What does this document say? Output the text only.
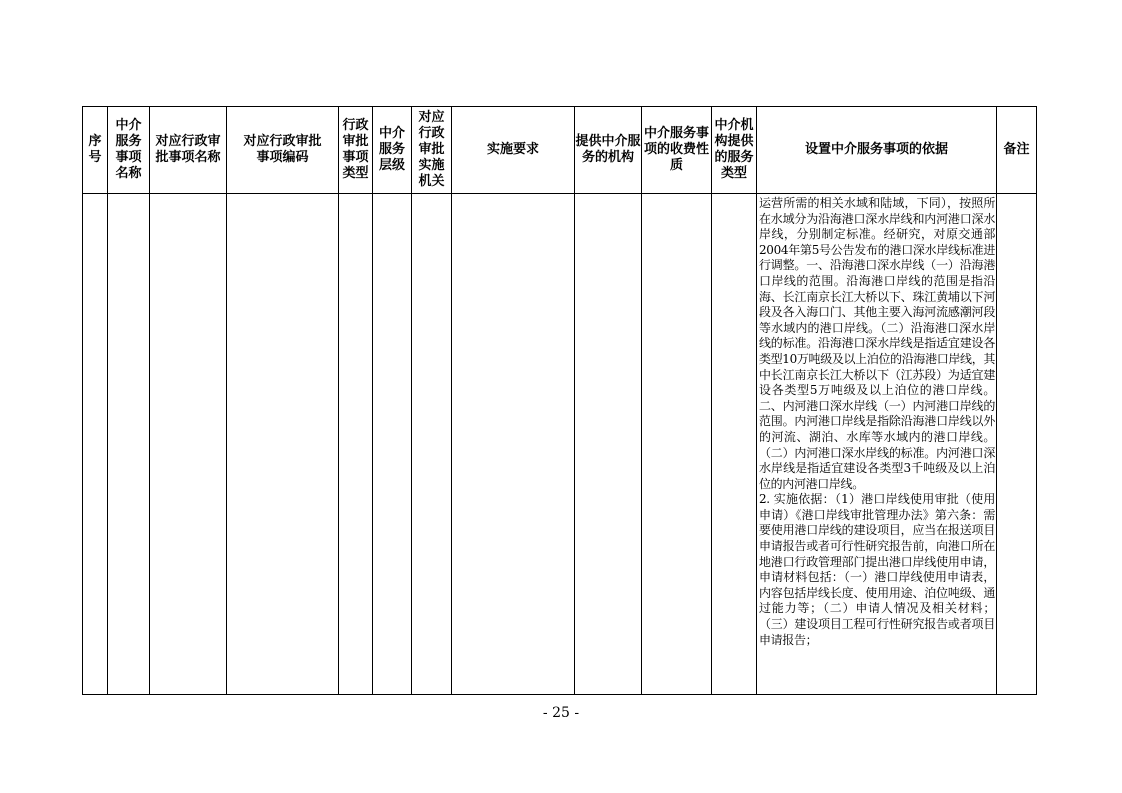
序
号	中介
服务
事项
名称	对应行政审
批事项名称	对应行政审批
事项编码	行政
审批
事项
类型	中介
服务
层级	对应
行政
审批
实施
机关	实施要求	提供中介服
务的机构	中介服务事
项的收费性
质	中介机
构提供
的服务
类型	设置中介服务事项的依据	备注

											运营所需的相关水域和陆域，下同），按照所在水域分为沿海港口深水岸线和内河港口深水岸线，分别制定标准。经研究，对原交通部2004年第5号公告发布的港口深水岸线标准进行调整。一、沿海港口深水岸线（一）沿海港口岸线的范围。沿海港口岸线的范围是指沿海、长江南京长江大桥以下、珠江黄埔以下河段及各入海口门、其他主要入海河流感潮河段等水域内的港口岸线。（二）沿海港口深水岸线的标准。沿海港口深水岸线是指适宜建设各类型10万吨级及以上泊位的沿海港口岸线，其中长江南京长江大桥以下（江苏段）为适宜建设各类型5万吨级及以上泊位的港口岸线。二、内河港口深水岸线（一）内河港口岸线的范围。内河港口岸线是指除沿海港口岸线以外的河流、湖泊、水库等水域内的港口岸线。（二）内河港口深水岸线的标准。内河港口深水岸线是指适宜建设各类型3千吨级及以上泊位的内河港口岸线。

2. 实施依据：（1）港口岸线使用审批（使用申请）《港口岸线审批管理办法》第六条：需要使用港口岸线的建设项目，应当在报送项目申请报告或者可行性研究报告前，向港口所在地港口行政管理部门提出港口岸线使用申请，申请材料包括：（一）港口岸线使用申请表，内容包括岸线长度、使用用途、泊位吨级、通过能力等；（二）申请人情况及相关材料；（三）建设项目工程可行性研究报告或者项目申请报告；	

- 25 -
